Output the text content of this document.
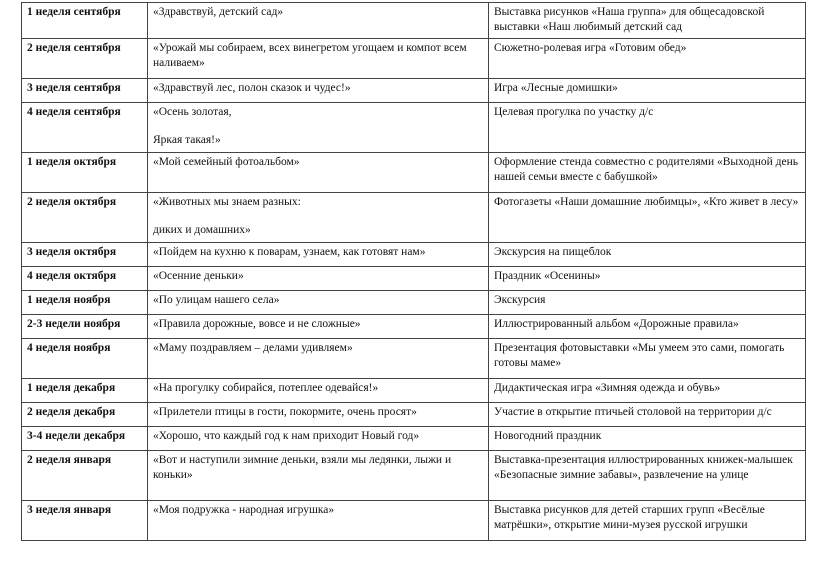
1 неделя сентября	«Здравствуй, детский сад»	Выставка рисунков «Наша группа» для общесадовской выставки «Наш любимый детский сад

2 неделя сентября	«Урожай мы собираем, всех винегретом угощаем и компот всем наливаем»	Сюжетно-ролевая игра «Готовим обед»

3 неделя сентября	«Здравствуй лес, полон сказок и чудес!»	Игра «Лесные домишки»

4 неделя сентября	«Осень золотая,
Яркая такая!»	Целевая прогулка по участку д/с

1 неделя октября	«Мой семейный фотоальбом»	Оформление стенда совместно с родителями «Выходной день нашей семьи вместе с бабушкой»

2 неделя октября	«Животных мы знаем разных:
диких и домашних»	Фотогазеты «Наши домашние любимцы», «Кто живет в лесу»

3 неделя октября	«Пойдем на кухню к поварам, узнаем, как готовят нам»	Экскурсия на пищеблок

4 неделя октября	«Осенние деньки»	Праздник «Осенины»

1 неделя ноября	«По улицам нашего села»	Экскурсия

2-3 недели ноября	«Правила дорожные, вовсе и не сложные»	Иллюстрированный альбом «Дорожные правила»

4 неделя ноября	«Маму поздравляем – делами удивляем»	Презентация фотовыставки «Мы умеем это сами, помогать готовы маме»

1 неделя декабря	«На прогулку собирайся, потеплее одевайся!»	Дидактическая игра «Зимняя одежда и обувь»

2 неделя декабря	«Прилетели птицы в гости, покормите, очень просят»	Участие в открытие птичьей столовой на территории д/с

3-4 недели декабря	«Хорошо, что каждый год к нам приходит Новый год»	Новогодний праздник

2 неделя января	«Вот и наступили зимние деньки, взяли мы ледянки, лыжи и коньки»	Выставка-презентация иллюстрированных книжек-малышек «Безопасные зимние забавы», развлечение на улице

3 неделя января	«Моя подружка - народная игрушка»	Выставка рисунков для детей старших групп «Весёлые матрёшки», открытие мини-музея русской игрушки
